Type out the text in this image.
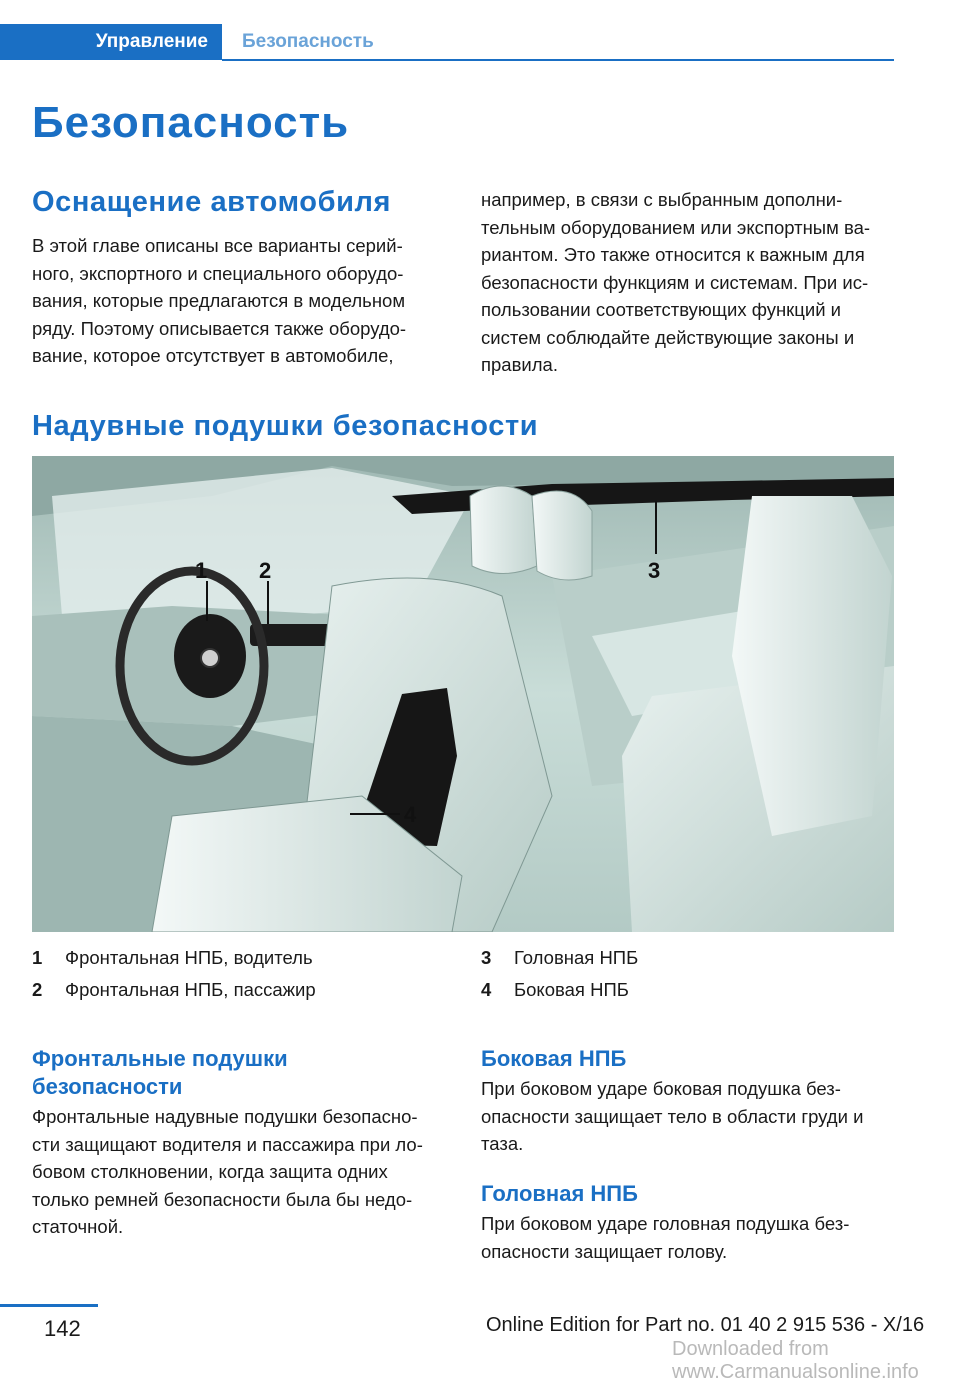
Управление	Безопасность
Безопасность
Оснащение автомобиля
В этой главе описаны все варианты серий-
ного, экспортного и специального оборудо-
вания, которые предлагаются в модельном
ряду. Поэтому описывается также оборудо-
вание, которое отсутствует в автомобиле,
например, в связи с выбранным дополни-
тельным оборудованием или экспортным ва-
риантом. Это также относится к важным для
безопасности функциям и системам. При ис-
пользовании соответствующих функций и
систем соблюдайте действующие законы и
правила.
Надувные подушки безопасности
1 2	3
4
1	Фронтальная НПБ, водитель
2	Фронтальная НПБ, пассажир
3	Головная НПБ
4	Боковая НПБ
Фронтальные подушки
безопасности
Фронтальные надувные подушки безопасно-
сти защищают водителя и пассажира при ло-
бовом столкновении, когда защита одних
только ремней безопасности была бы недо-
статочной.
Боковая НПБ
При боковом ударе боковая подушка без-
опасности защищает тело в области груди и
таза.
Головная НПБ
При боковом ударе головная подушка без-
опасности защищает голову.
142	Online Edition for Part no. 01 40 2 915 536 - X/16
Downloaded from www.Carmanualsonline.info
